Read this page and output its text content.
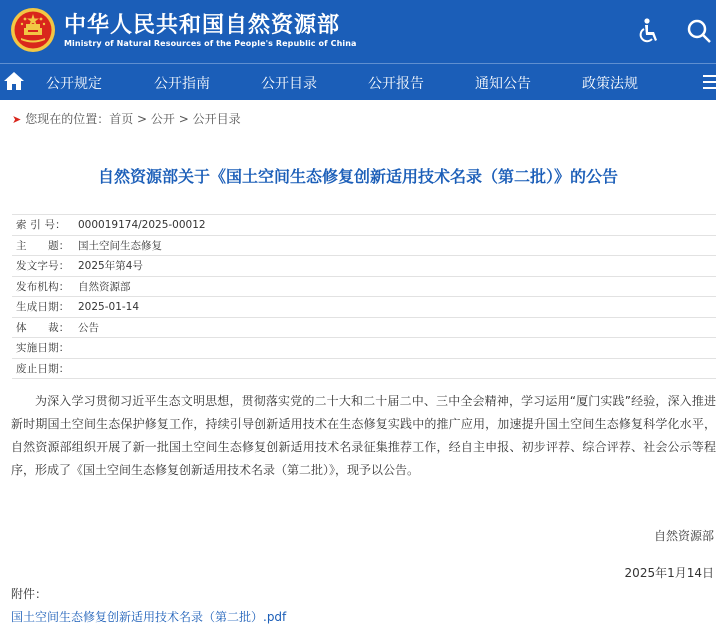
中华人民共和国自然资源部
Ministry of Natural Resources of the People's Republic of China
公开规定	公开指南	公开目录	公开报告	通知公告	政策法规
➤ 您现在的位置：首页 > 公开 > 公开目录
自然资源部关于《国土空间生态修复创新适用技术名录（第二批）》的公告
索 引 号：	000019174/2025-00012
主　　题： 国土空间生态修复
发文字号： 2025年第4号
发布机构： 自然资源部
生成日期： 2025-01-14
体　　裁： 公告
实施日期：
废止日期：

为深入学习贯彻习近平生态文明思想，贯彻落实党的二十大和二十届二中、三中全会精神，学习运用“厦门实践”经验，深入推进新时期国土空间生态保护修复工作，持续引导创新适用技术在生态修复实践中的推广应用，加速提升国土空间生态修复科学化水平，自然资源部组织开展了新一批国土空间生态修复创新适用技术名录征集推荐工作，经自主申报、初步评荐、综合评荐、社会公示等程序，形成了《国土空间生态修复创新适用技术名录（第二批）》，现予以公告。

自然资源部
2025年1月14日
附件：
国土空间生态修复创新适用技术名录（第二批）.pdf
